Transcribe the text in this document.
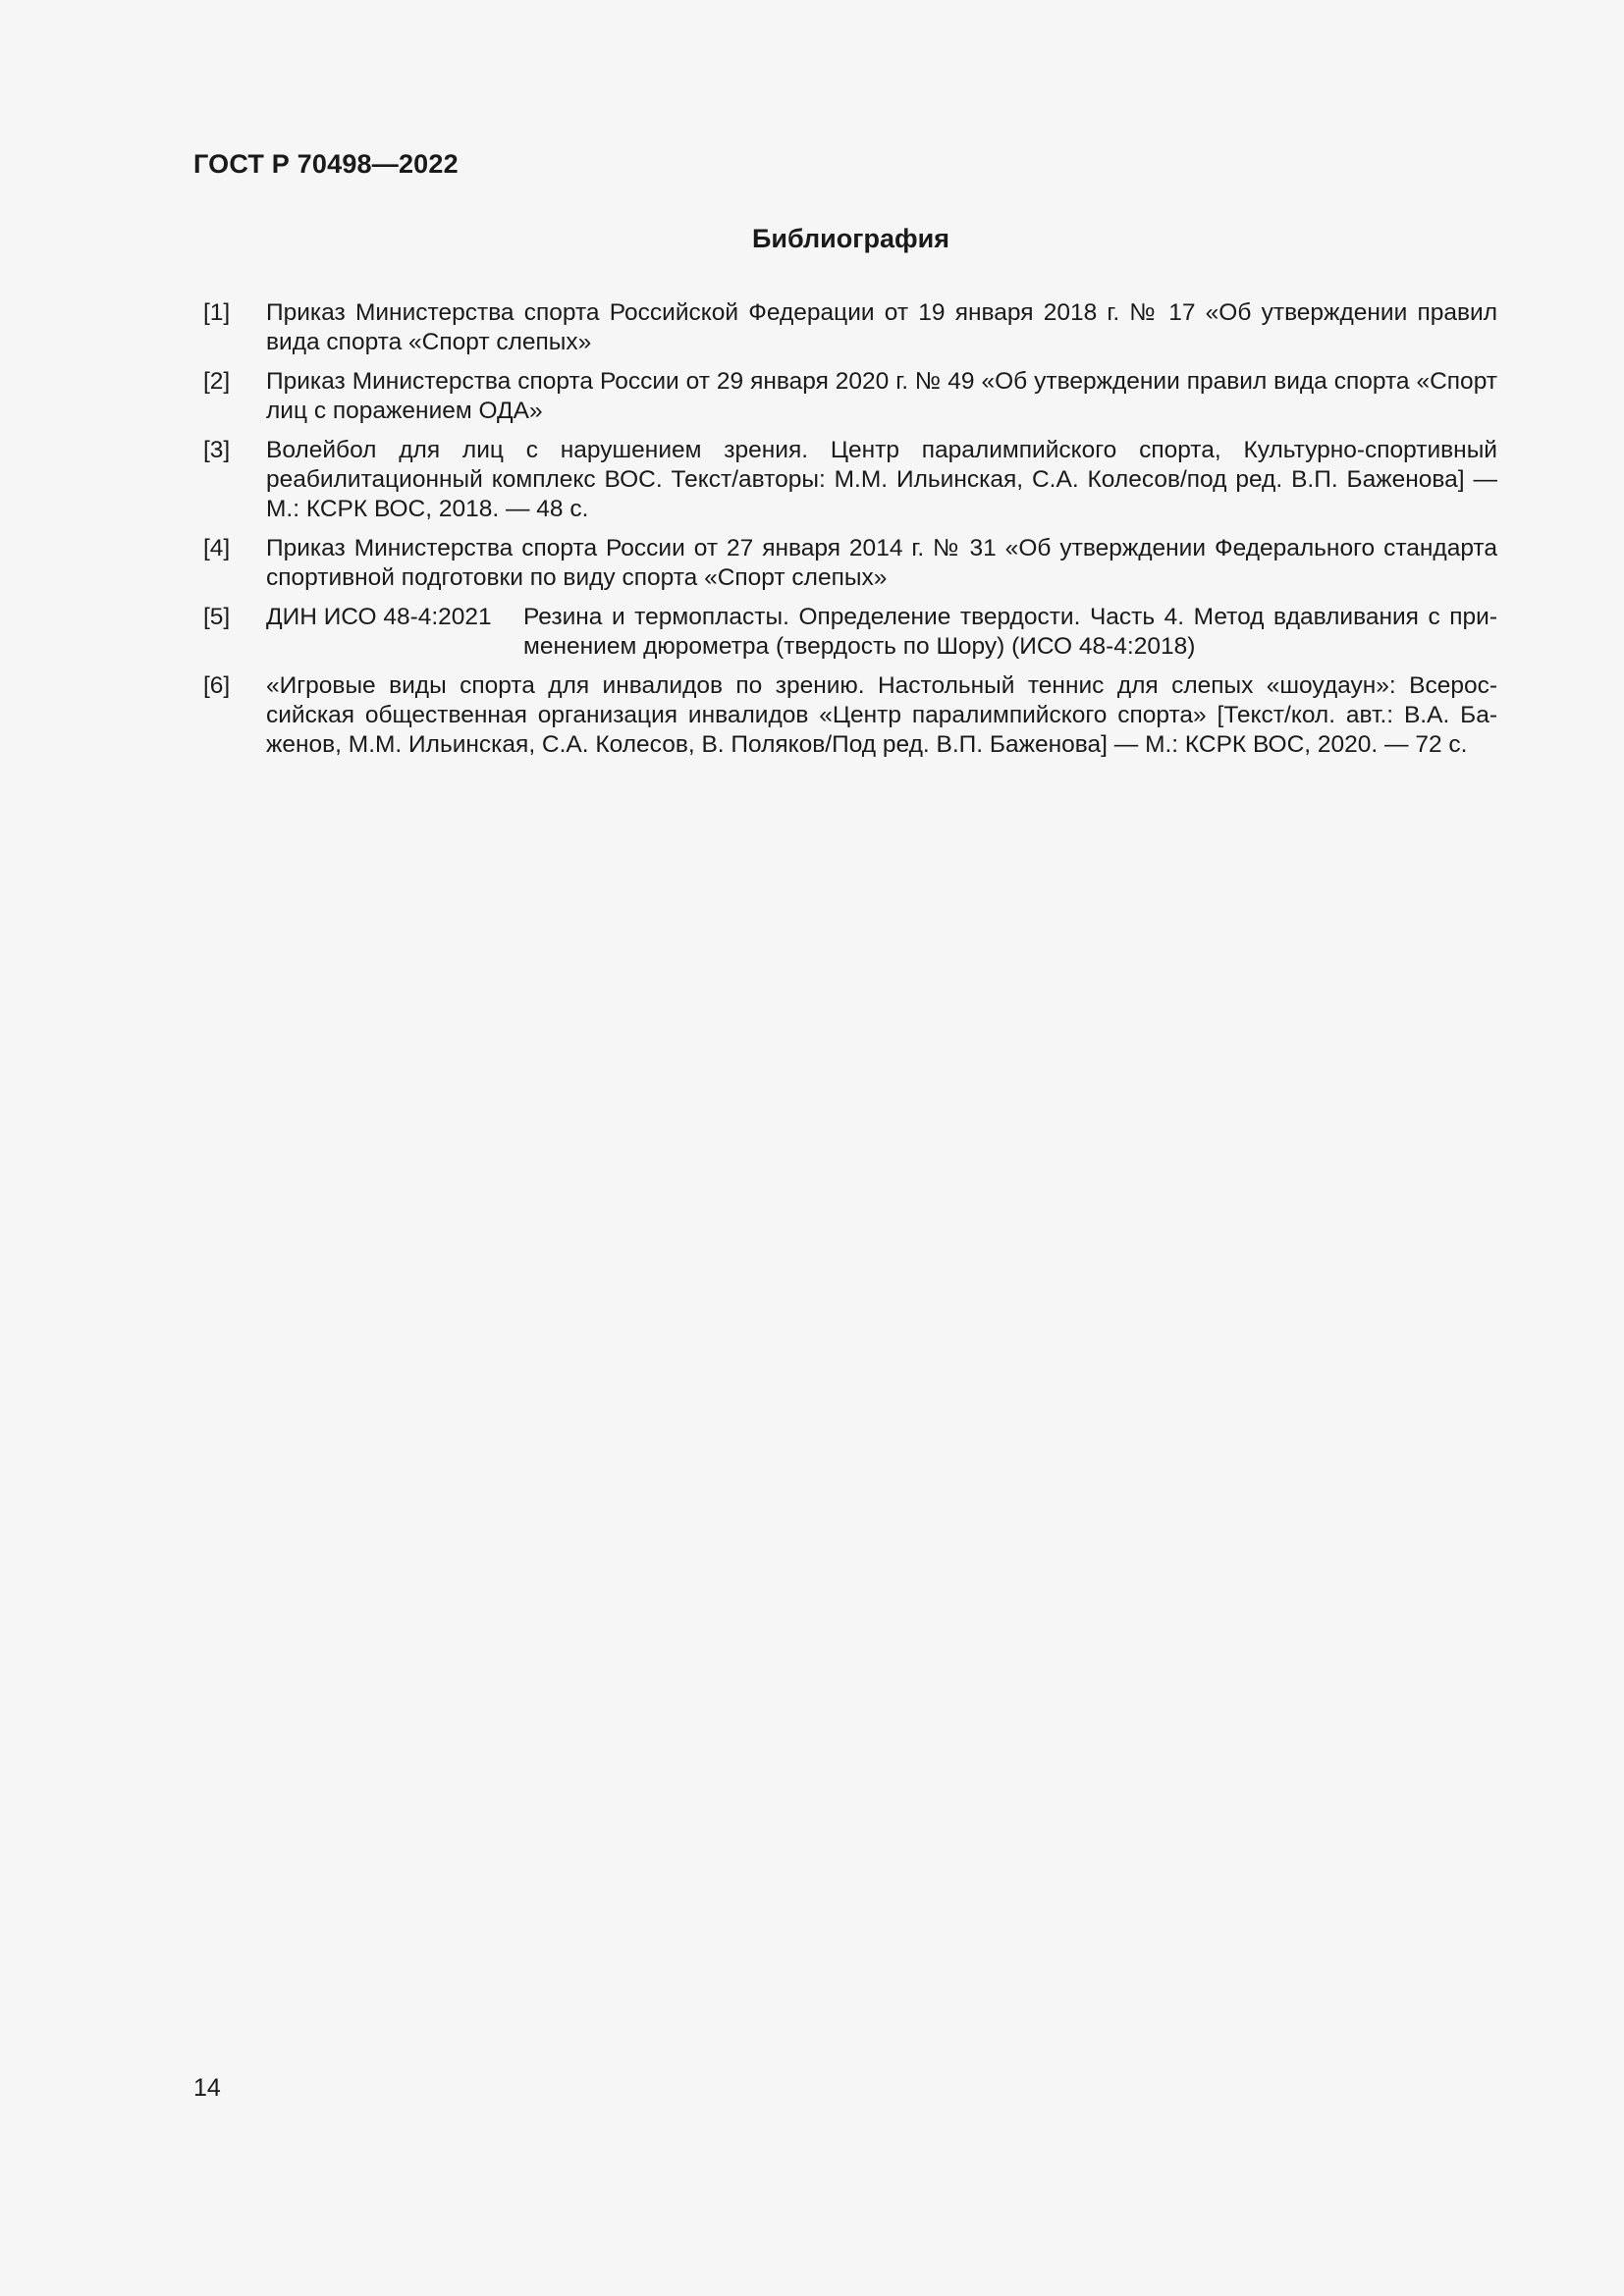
ГОСТ Р 70498—2022
Библиография
[1]	Приказ Министерства спорта Российской Федерации от 19 января 2018 г. № 17 «Об утверждении правил вида спорта «Спорт слепых»
[2]	Приказ Министерства спорта России от 29 января 2020 г. № 49 «Об утверждении правил вида спорта «Спорт лиц с поражением ОДА»
[3]	Волейбол для лиц с нарушением зрения. Центр паралимпийского спорта, Культурно-спортивный реабилитационный комплекс ВОС. Текст/авторы: М.М. Ильинская, С.А. Колесов/под ред. В.П. Баженова] — М.: КСРК ВОС, 2018. — 48 с.
[4]	Приказ Министерства спорта России от 27 января 2014 г. № 31 «Об утверждении Федерального стандарта спортивной подготовки по виду спорта «Спорт слепых»
[5]	ДИН ИСО 48-4:2021	Резина и термопласты. Определение твердости. Часть 4. Метод вдавливания с применением дюрометра (твердость по Шору) (ИСО 48-4:2018)
[6]	«Игровые виды спорта для инвалидов по зрению. Настольный теннис для слепых «шоудаун»: Всероссийская общественная организация инвалидов «Центр паралимпийского спорта» [Текст/кол. авт.: В.А. Баженов, М.М. Ильинская, С.А. Колесов, В. Поляков/Под ред. В.П. Баженова] — М.: КСРК ВОС, 2020. — 72 с.
14
